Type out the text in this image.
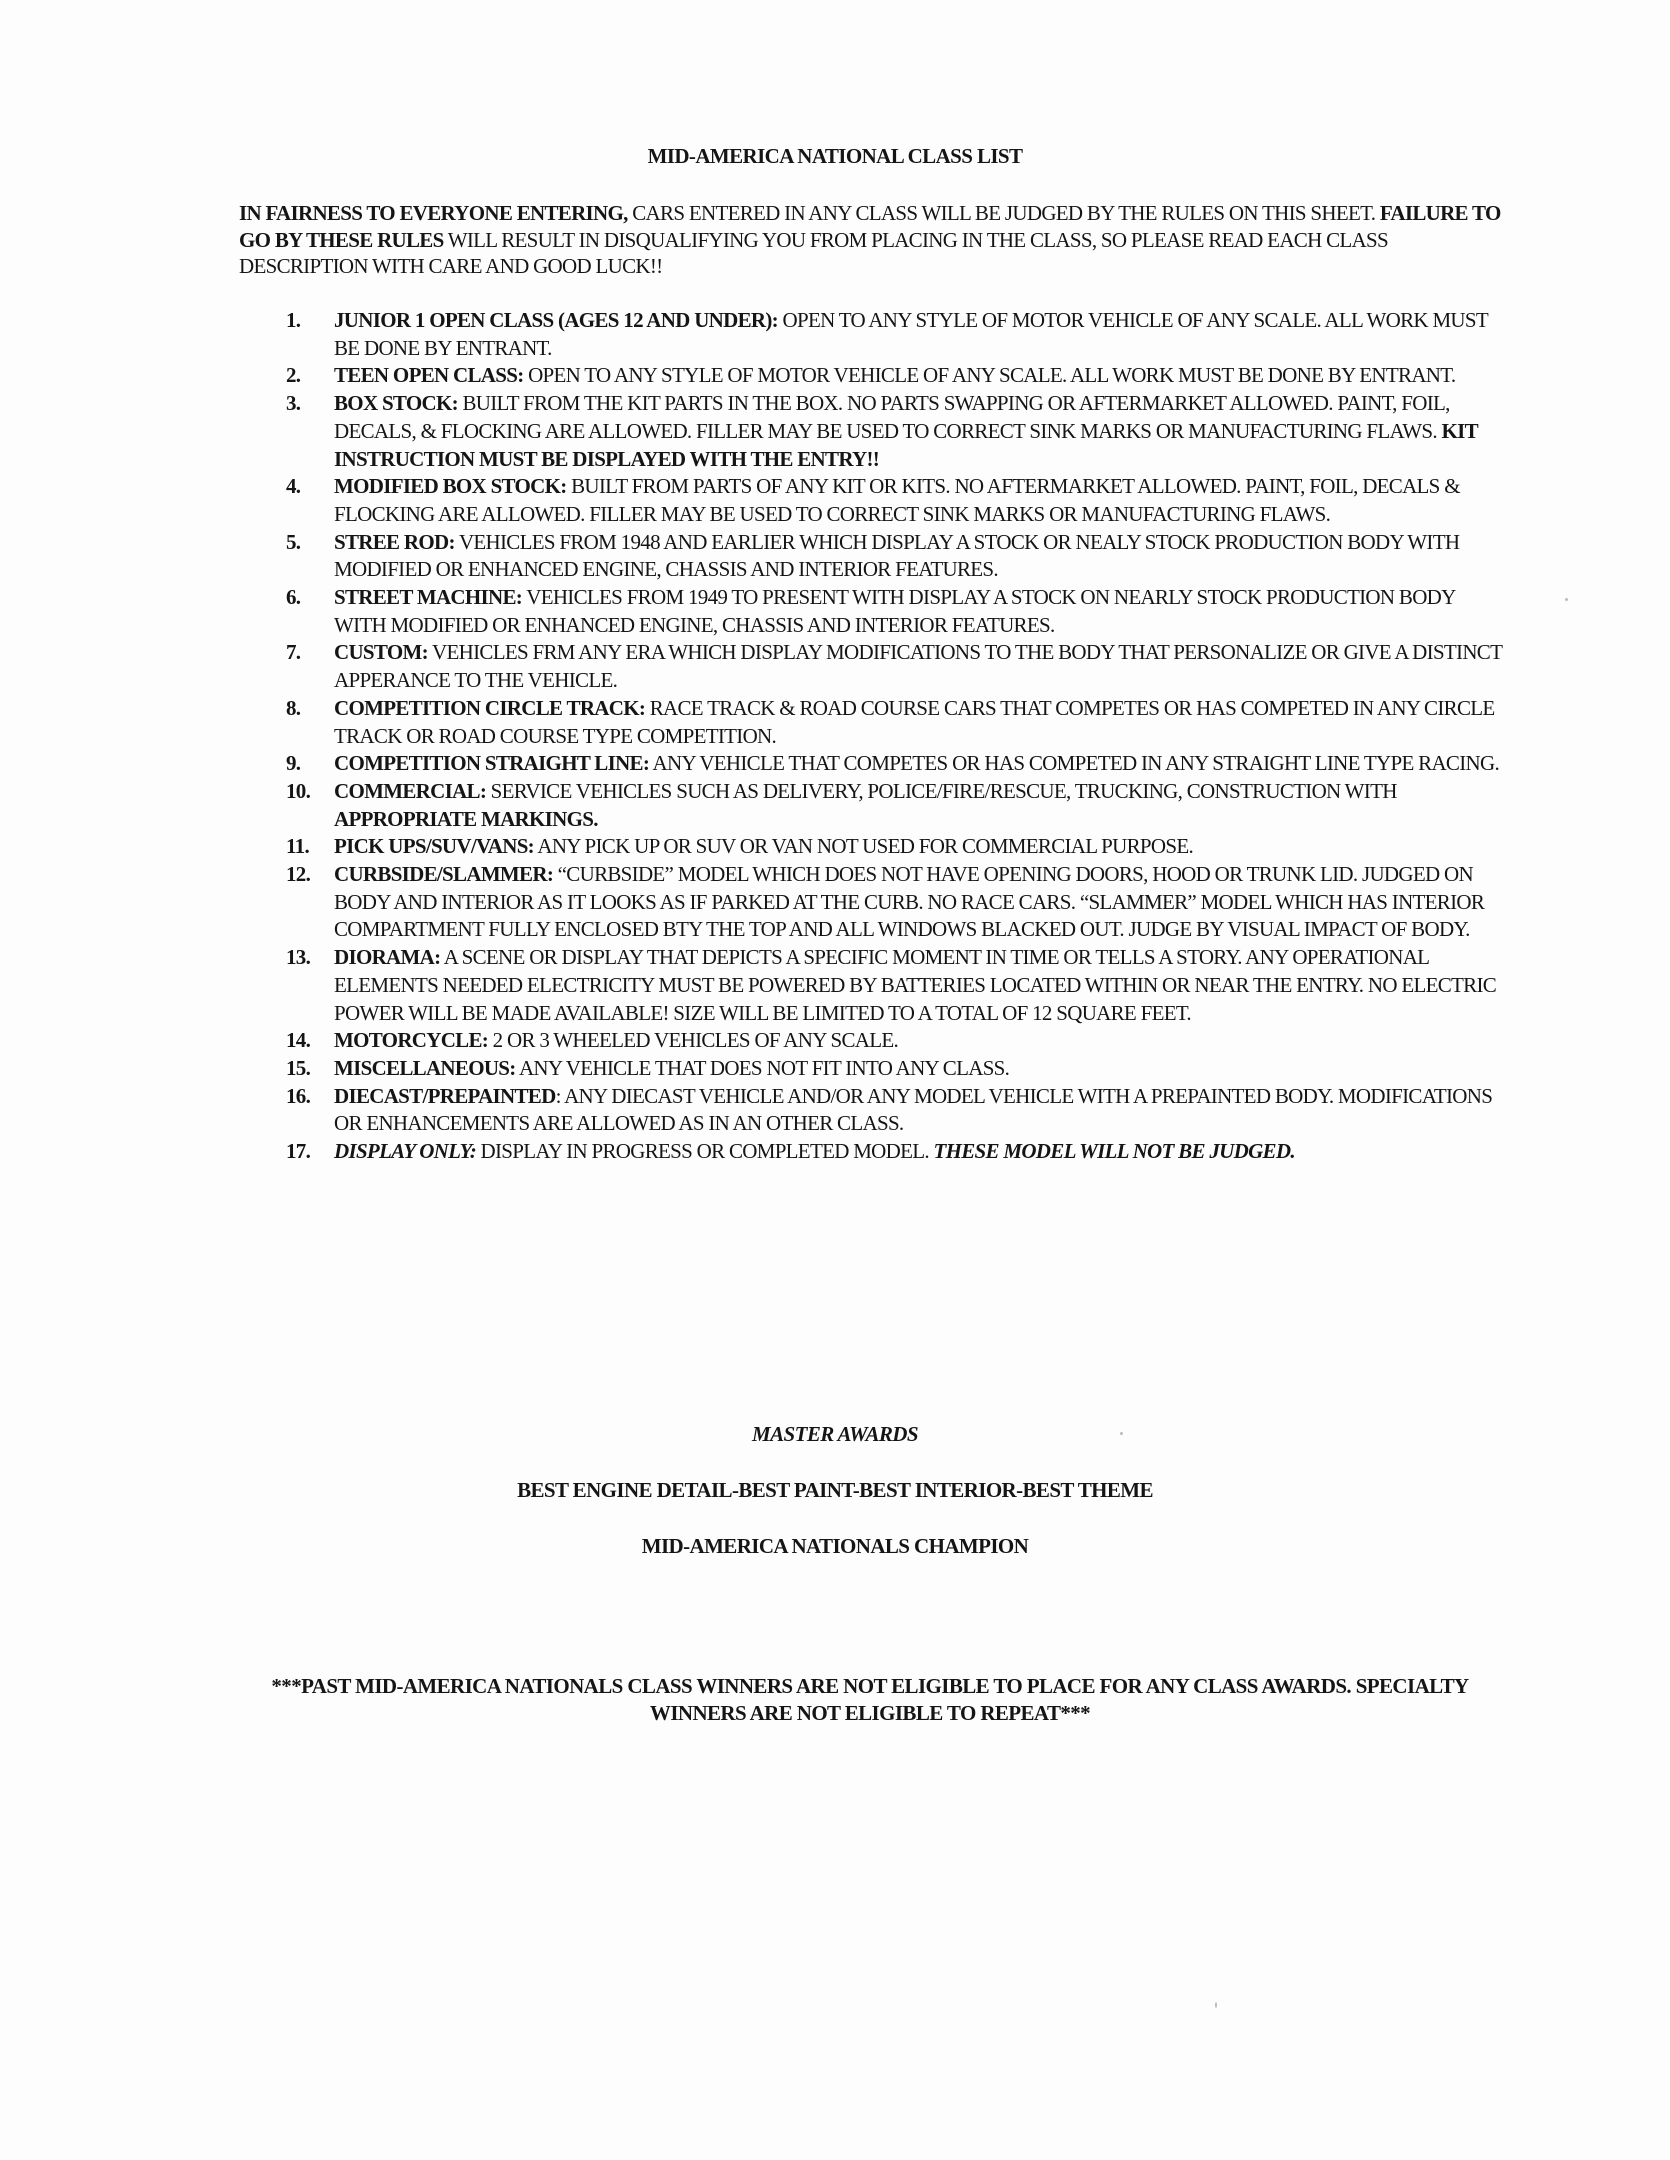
MID-AMERICA NATIONAL CLASS LIST
IN FAIRNESS TO EVERYONE ENTERING, CARS ENTERED IN ANY CLASS WILL BE JUDGED BY THE RULES ON THIS SHEET. FAILURE TO GO BY THESE RULES WILL RESULT IN DISQUALIFYING YOU FROM PLACING IN THE CLASS, SO PLEASE READ EACH CLASS DESCRIPTION WITH CARE AND GOOD LUCK!!
1. JUNIOR 1 OPEN CLASS (AGES 12 AND UNDER): OPEN TO ANY STYLE OF MOTOR VEHICLE OF ANY SCALE. ALL WORK MUST BE DONE BY ENTRANT.
2. TEEN OPEN CLASS: OPEN TO ANY STYLE OF MOTOR VEHICLE OF ANY SCALE. ALL WORK MUST BE DONE BY ENTRANT.
3. BOX STOCK: BUILT FROM THE KIT PARTS IN THE BOX. NO PARTS SWAPPING OR AFTERMARKET ALLOWED. PAINT, FOIL, DECALS, & FLOCKING ARE ALLOWED. FILLER MAY BE USED TO CORRECT SINK MARKS OR MANUFACTURING FLAWS. KIT INSTRUCTION MUST BE DISPLAYED WITH THE ENTRY!!
4. MODIFIED BOX STOCK: BUILT FROM PARTS OF ANY KIT OR KITS. NO AFTERMARKET ALLOWED. PAINT, FOIL, DECALS & FLOCKING ARE ALLOWED. FILLER MAY BE USED TO CORRECT SINK MARKS OR MANUFACTURING FLAWS.
5. STREE ROD: VEHICLES FROM 1948 AND EARLIER WHICH DISPLAY A STOCK OR NEALY STOCK PRODUCTION BODY WITH MODIFIED OR ENHANCED ENGINE, CHASSIS AND INTERIOR FEATURES.
6. STREET MACHINE: VEHICLES FROM 1949 TO PRESENT WITH DISPLAY A STOCK ON NEARLY STOCK PRODUCTION BODY WITH MODIFIED OR ENHANCED ENGINE, CHASSIS AND INTERIOR FEATURES.
7. CUSTOM: VEHICLES FRM ANY ERA WHICH DISPLAY MODIFICATIONS TO THE BODY THAT PERSONALIZE OR GIVE A DISTINCT APPERANCE TO THE VEHICLE.
8. COMPETITION CIRCLE TRACK: RACE TRACK & ROAD COURSE CARS THAT COMPETES OR HAS COMPETED IN ANY CIRCLE TRACK OR ROAD COURSE TYPE COMPETITION.
9. COMPETITION STRAIGHT LINE: ANY VEHICLE THAT COMPETES OR HAS COMPETED IN ANY STRAIGHT LINE TYPE RACING.
10. COMMERCIAL: SERVICE VEHICLES SUCH AS DELIVERY, POLICE/FIRE/RESCUE, TRUCKING, CONSTRUCTION WITH APPROPRIATE MARKINGS.
11. PICK UPS/SUV/VANS: ANY PICK UP OR SUV OR VAN NOT USED FOR COMMERCIAL PURPOSE.
12. CURBSIDE/SLAMMER: “CURBSIDE” MODEL WHICH DOES NOT HAVE OPENING DOORS, HOOD OR TRUNK LID. JUDGED ON BODY AND INTERIOR AS IT LOOKS AS IF PARKED AT THE CURB. NO RACE CARS. “SLAMMER” MODEL WHICH HAS INTERIOR COMPARTMENT FULLY ENCLOSED BTY THE TOP AND ALL WINDOWS BLACKED OUT. JUDGE BY VISUAL IMPACT OF BODY.
13. DIORAMA: A SCENE OR DISPLAY THAT DEPICTS A SPECIFIC MOMENT IN TIME OR TELLS A STORY. ANY OPERATIONAL ELEMENTS NEEDED ELECTRICITY MUST BE POWERED BY BATTERIES LOCATED WITHIN OR NEAR THE ENTRY. NO ELECTRIC POWER WILL BE MADE AVAILABLE! SIZE WILL BE LIMITED TO A TOTAL OF 12 SQUARE FEET.
14. MOTORCYCLE: 2 OR 3 WHEELED VEHICLES OF ANY SCALE.
15. MISCELLANEOUS: ANY VEHICLE THAT DOES NOT FIT INTO ANY CLASS.
16. DIECAST/PREPAINTED: ANY DIECAST VEHICLE AND/OR ANY MODEL VEHICLE WITH A PREPAINTED BODY. MODIFICATIONS OR ENHANCEMENTS ARE ALLOWED AS IN AN OTHER CLASS.
17. DISPLAY ONLY: DISPLAY IN PROGRESS OR COMPLETED MODEL. THESE MODEL WILL NOT BE JUDGED.
MASTER AWARDS
BEST ENGINE DETAIL-BEST PAINT-BEST INTERIOR-BEST THEME
MID-AMERICA NATIONALS CHAMPION
***PAST MID-AMERICA NATIONALS CLASS WINNERS ARE NOT ELIGIBLE TO PLACE FOR ANY CLASS AWARDS. SPECIALTY WINNERS ARE NOT ELIGIBLE TO REPEAT***
